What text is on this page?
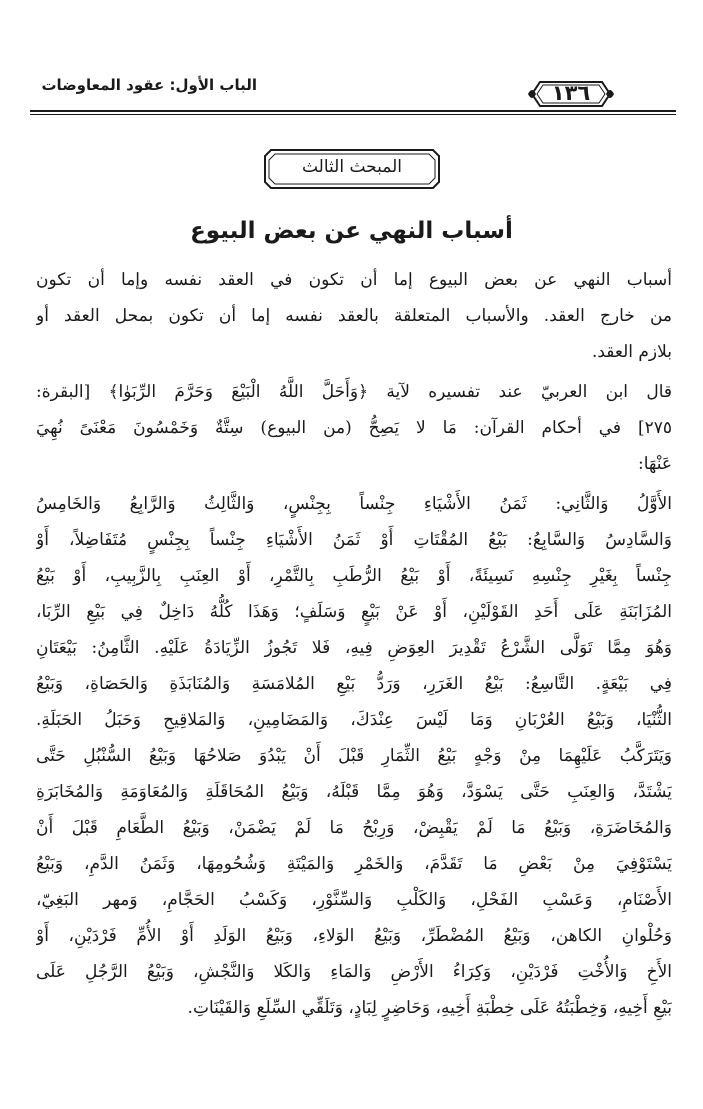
١٣٦
الباب الأول: عقود المعاوضات
المبحث الثالث
أسباب النهي عن بعض البيوع
أسباب النهي عن بعض البيوع إما أن تكون في العقد نفسه وإما أن تكون
من خارج العقد. والأسباب المتعلقة بالعقد نفسه إما أن تكون بمحل العقد أو
بلازم العقد.
قال ابن العربيّ عند تفسيره لآية ﴿وَأَحَلَّ اللَّهُ الْبَيْعَ وَحَرَّمَ الرِّبَوٰا﴾ [البقرة:
٢٧٥] في أحكام القرآن: مَا لا يَصِحُّ (من البيوع) سِتَّةٌ وَخَمْسُونَ مَعْنَىً نُهِيَ
عَنْهَا:
الأَوَّلُ وَالثَّانِي: ثَمَنُ الأَشْيَاءِ جِنْساً بِجِنْسٍ، وَالثَّالِثُ وَالرَّابِعُ وَالخَامِسُ
وَالسَّادِسُ وَالسَّابِعُ: بَيْعُ المُقْتَاتِ أَوْ ثَمَنُ الأَشْيَاءِ جِنْساً بِجِنْسٍ مُتَفَاضِلاً، أَوْ
جِنْساً بِغَيْرِ جِنْسِهِ نَسِيئَةً، أَوْ بَيْعُ الرُّطَبِ بِالتَّمْرِ، أَوْ العِنَبِ بِالزَّبِيبِ، أَوْ بَيْعُ
المُزَابَنَةِ عَلَى أَحَدِ القَوْلَيْنِ، أَوْ عَنْ بَيْعٍ وَسَلَفٍ؛ وَهَذَا كُلُّهُ دَاخِلٌ فِي بَيْعِ الرِّبَا،
وَهُوَ مِمَّا تَوَلَّى الشَّرْعُ تَقْدِيرَ العِوَضِ فِيهِ، فَلا تَجُوزُ الزِّيَادَةُ عَلَيْهِ. الثَّامِنُ: بَيْعَتَانِ
فِي بَيْعَةٍ. التَّاسِعُ: بَيْعُ الغَرَرِ، وَرَدُّ بَيْعِ المُلامَسَةِ وَالمُنَابَذَةِ وَالحَصَاةِ، وَبَيْعُ
الثُّنْيَا، وَبَيْعُ العُرْبَانِ وَمَا لَيْسَ عِنْدَكَ، وَالمَضَامِينِ، وَالمَلاقِيحِ وَحَبَلُ الحَبَلَةِ.
وَيَتَرَكَّبُ عَلَيْهِمَا مِنْ وَجْهٍ بَيْعُ الثِّمَارِ قَبْلَ أَنْ يَبْدُوَ صَلاحُهَا وَبَيْعُ السُّنْبُلِ حَتَّى
يَشْتَدَّ، وَالعِنَبِ حَتَّى يَسْوَدَّ، وَهُوَ مِمَّا قَبْلَهُ، وَبَيْعُ المُحَاقَلَةِ وَالمُعَاوَمَةِ وَالمُخَابَرَةِ
وَالمُخَاضَرَةِ، وَبَيْعُ مَا لَمْ يَقْبِضْ، وَرِبْحُ مَا لَمْ يَضْمَنْ، وَبَيْعُ الطَّعَامِ قَبْلَ أَنْ
يَسْتَوْفِيَ مِنْ بَعْضِ مَا تَقَدَّمَ، وَالخَمْرِ وَالمَيْتَةِ وَشُحُومِهَا، وَثَمَنُ الدَّمِ، وَبَيْعُ
الأَصْنَامِ، وَعَسْبِ الفَحْلِ، وَالكَلْبِ وَالسِّنَّوْرِ، وَكَسْبُ الحَجَّامِ، وَمهر البَغِيّ،
وَحُلْوانِ الكاهن، وَبَيْعُ المُضْطَرِّ، وَبَيْعُ الوَلاءِ، وَبَيْعُ الوَلَدِ أَوْ الأُمِّ فَرْدَيْنِ، أَوْ
الأَخِ وَالأُخْتِ فَرْدَيْنِ، وَكِرَاءُ الأَرْضِ وَالمَاءِ وَالكَلا وَالنَّجْشِ، وَبَيْعُ الرَّجُلِ عَلَى
بَيْعِ أَخِيهِ، وَخِطْبَتُهُ عَلَى خِطْبَةِ أَخِيهِ، وَحَاضِرٍ لِبَادٍ، وَتَلَقِّي السِّلَعِ وَالقَيْنَاتِ.
